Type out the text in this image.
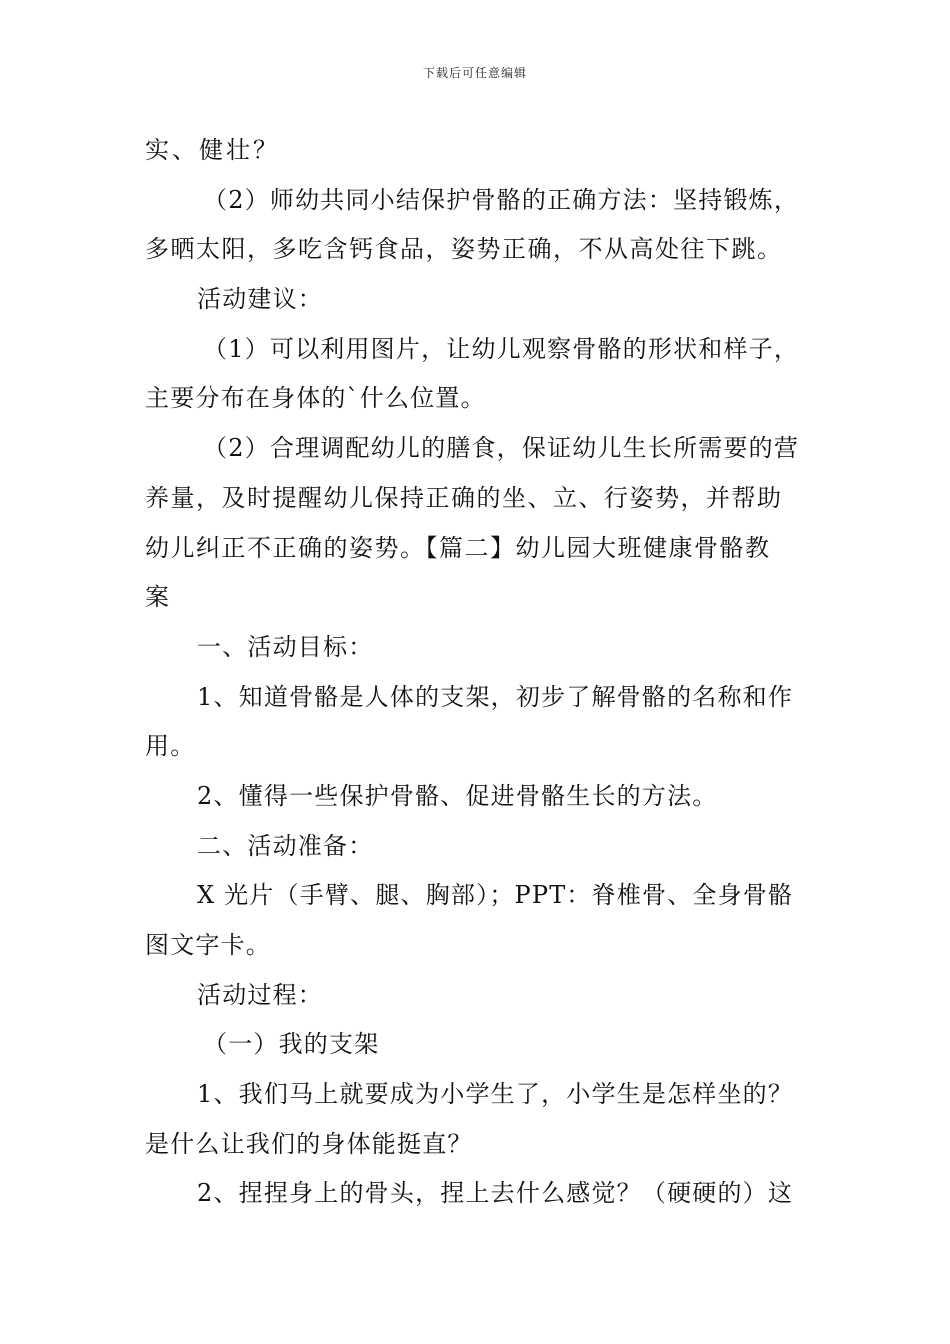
下载后可任意编辑
实、健壮？
（2）师幼共同小结保护骨骼的正确方法：坚持锻炼，
多晒太阳，多吃含钙食品，姿势正确，不从高处往下跳。
活动建议：
（1）可以利用图片，让幼儿观察骨骼的形状和样子，
主要分布在身体的`什么位置。
（2）合理调配幼儿的膳食，保证幼儿生长所需要的营
养量，及时提醒幼儿保持正确的坐、立、行姿势，并帮助
幼儿纠正不正确的姿势。【篇二】幼儿园大班健康骨骼教
案
一、活动目标：
1、知道骨骼是人体的支架，初步了解骨骼的名称和作
用。
2、懂得一些保护骨骼、促进骨骼生长的方法。
二、活动准备：
X 光片（手臂、腿、胸部）；PPT：脊椎骨、全身骨骼
图文字卡。
活动过程：
（一）我的支架
1、我们马上就要成为小学生了，小学生是怎样坐的？
是什么让我们的身体能挺直？
2、捏捏身上的骨头，捏上去什么感觉？（硬硬的）这
